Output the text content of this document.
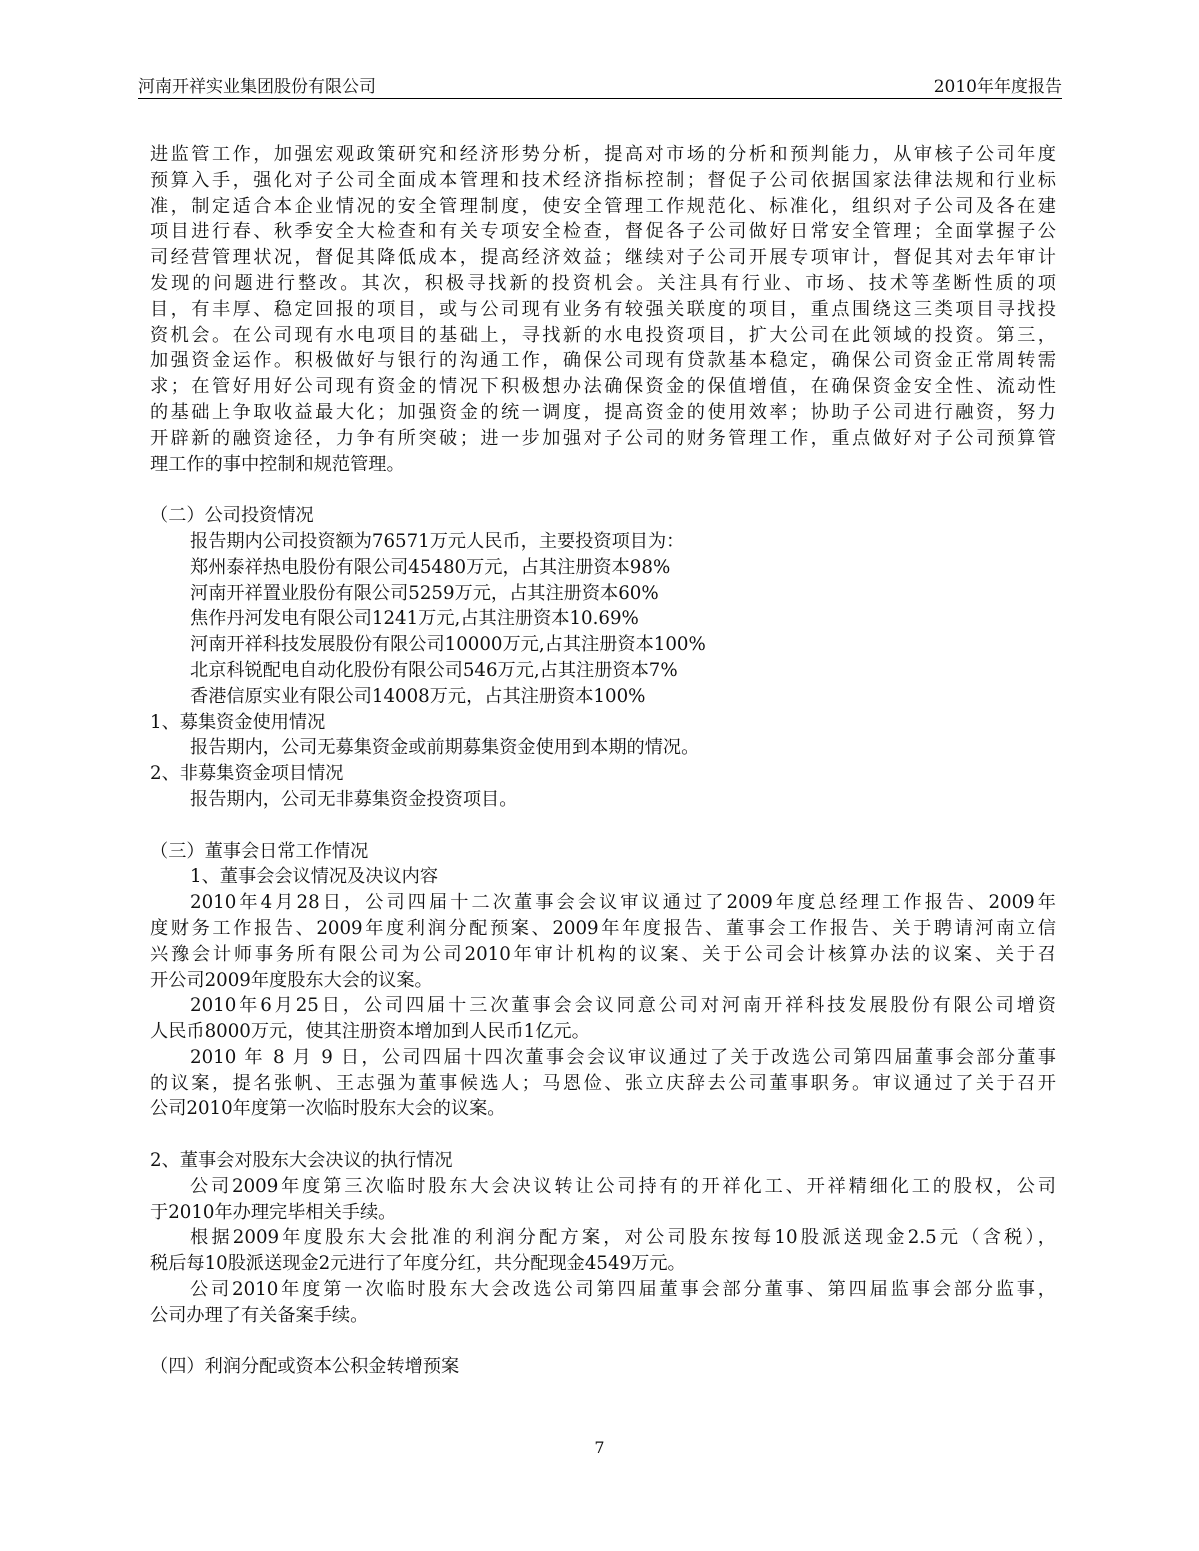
河南开祥实业集团股份有限公司	2010年年度报告
进监管工作，加强宏观政策研究和经济形势分析，提高对市场的分析和预判能力，从审核子公司年度
预算入手，强化对子公司全面成本管理和技术经济指标控制；督促子公司依据国家法律法规和行业标
准，制定适合本企业情况的安全管理制度，使安全管理工作规范化、标准化，组织对子公司及各在建
项目进行春、秋季安全大检查和有关专项安全检查，督促各子公司做好日常安全管理；全面掌握子公
司经营管理状况，督促其降低成本，提高经济效益；继续对子公司开展专项审计，督促其对去年审计
发现的问题进行整改。其次，积极寻找新的投资机会。关注具有行业、市场、技术等垄断性质的项
目，有丰厚、稳定回报的项目，或与公司现有业务有较强关联度的项目，重点围绕这三类项目寻找投
资机会。在公司现有水电项目的基础上，寻找新的水电投资项目，扩大公司在此领域的投资。第三，
加强资金运作。积极做好与银行的沟通工作，确保公司现有贷款基本稳定，确保公司资金正常周转需
求；在管好用好公司现有资金的情况下积极想办法确保资金的保值增值，在确保资金安全性、流动性
的基础上争取收益最大化；加强资金的统一调度，提高资金的使用效率；协助子公司进行融资，努力
开辟新的融资途径，力争有所突破；进一步加强对子公司的财务管理工作，重点做好对子公司预算管
理工作的事中控制和规范管理。
（二）公司投资情况
报告期内公司投资额为76571万元人民币，主要投资项目为：
郑州泰祥热电股份有限公司45480万元，占其注册资本98%
河南开祥置业股份有限公司5259万元，占其注册资本60%
焦作丹河发电有限公司1241万元,占其注册资本10.69%
河南开祥科技发展股份有限公司10000万元,占其注册资本100%
北京科锐配电自动化股份有限公司546万元,占其注册资本7%
香港信原实业有限公司14008万元，占其注册资本100%
1、募集资金使用情况
报告期内，公司无募集资金或前期募集资金使用到本期的情况。
2、非募集资金项目情况
报告期内，公司无非募集资金投资项目。
（三）董事会日常工作情况
1、董事会会议情况及决议内容
2010年4月28日，公司四届十二次董事会会议审议通过了2009年度总经理工作报告、2009年
度财务工作报告、2009年度利润分配预案、2009年年度报告、董事会工作报告、关于聘请河南立信
兴豫会计师事务所有限公司为公司2010年审计机构的议案、关于公司会计核算办法的议案、关于召
开公司2009年度股东大会的议案。
2010年6月25日，公司四届十三次董事会会议同意公司对河南开祥科技发展股份有限公司增资
人民币8000万元，使其注册资本增加到人民币1亿元。
2010 年 8 月 9 日，公司四届十四次董事会会议审议通过了关于改选公司第四届董事会部分董事
的议案，提名张帆、王志强为董事候选人；马恩俭、张立庆辞去公司董事职务。审议通过了关于召开
公司2010年度第一次临时股东大会的议案。
2、董事会对股东大会决议的执行情况
公司2009年度第三次临时股东大会决议转让公司持有的开祥化工、开祥精细化工的股权，公司
于2010年办理完毕相关手续。
根据2009年度股东大会批准的利润分配方案，对公司股东按每10股派送现金2.5元（含税），
税后每10股派送现金2元进行了年度分红，共分配现金4549万元。
公司2010年度第一次临时股东大会改选公司第四届董事会部分董事、第四届监事会部分监事，
公司办理了有关备案手续。
（四）利润分配或资本公积金转增预案
7
